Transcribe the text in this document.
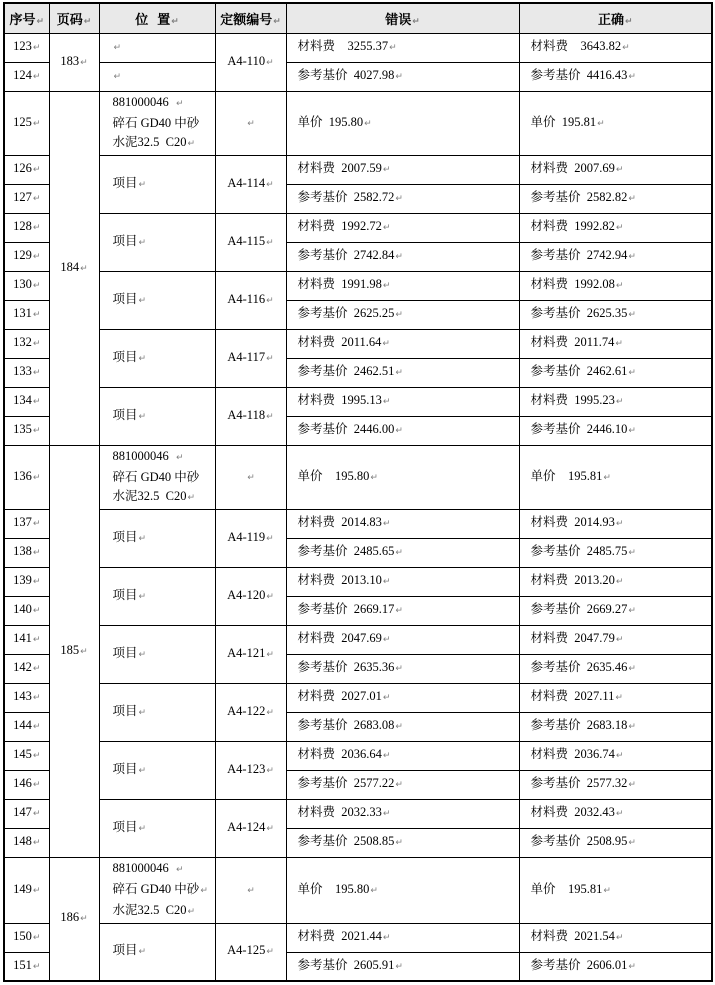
序号↵	页码↵	位  置↵	定额编号↵	错误↵	正确↵
123↵	183↵	↵	A4-110↵	材料费    3255.37↵	材料费    3643.82↵
124↵		↵		参考基价  4027.98↵	参考基价  4416.43↵
125↵	184↵	881000046  ↵
碎石 GD40 中砂
水泥32.5  C20↵	↵	单价  195.80↵	单价  195.81↵
126↵		项目↵	A4-114↵	材料费  2007.59↵	材料费  2007.69↵
127↵				参考基价  2582.72↵	参考基价  2582.82↵
128↵		项目↵	A4-115↵	材料费  1992.72↵	材料费  1992.82↵
129↵				参考基价  2742.84↵	参考基价  2742.94↵
130↵		项目↵	A4-116↵	材料费  1991.98↵	材料费  1992.08↵
131↵				参考基价  2625.25↵	参考基价  2625.35↵
132↵		项目↵	A4-117↵	材料费  2011.64↵	材料费  2011.74↵
133↵				参考基价  2462.51↵	参考基价  2462.61↵
134↵		项目↵	A4-118↵	材料费  1995.13↵	材料费  1995.23↵
135↵				参考基价  2446.00↵	参考基价  2446.10↵
136↵	185↵	881000046  ↵
碎石 GD40 中砂
水泥32.5  C20↵	↵	单价    195.80↵	单价    195.81↵
137↵		项目↵	A4-119↵	材料费  2014.83↵	材料费  2014.93↵
138↵				参考基价  2485.65↵	参考基价  2485.75↵
139↵		项目↵	A4-120↵	材料费  2013.10↵	材料费  2013.20↵
140↵				参考基价  2669.17↵	参考基价  2669.27↵
141↵		项目↵	A4-121↵	材料费  2047.69↵	材料费  2047.79↵
142↵				参考基价  2635.36↵	参考基价  2635.46↵
143↵		项目↵	A4-122↵	材料费  2027.01↵	材料费  2027.11↵
144↵				参考基价  2683.08↵	参考基价  2683.18↵
145↵		项目↵	A4-123↵	材料费  2036.64↵	材料费  2036.74↵
146↵				参考基价  2577.22↵	参考基价  2577.32↵
147↵		项目↵	A4-124↵	材料费  2032.33↵	材料费  2032.43↵
148↵				参考基价  2508.85↵	参考基价  2508.95↵
149↵	186↵	881000046  ↵
碎石 GD40 中砂↵
水泥32.5  C20↵	↵	单价    195.80↵	单价    195.81↵
150↵		项目↵	A4-125↵	材料费  2021.44↵	材料费  2021.54↵
151↵				参考基价  2605.91↵	参考基价  2606.01↵
